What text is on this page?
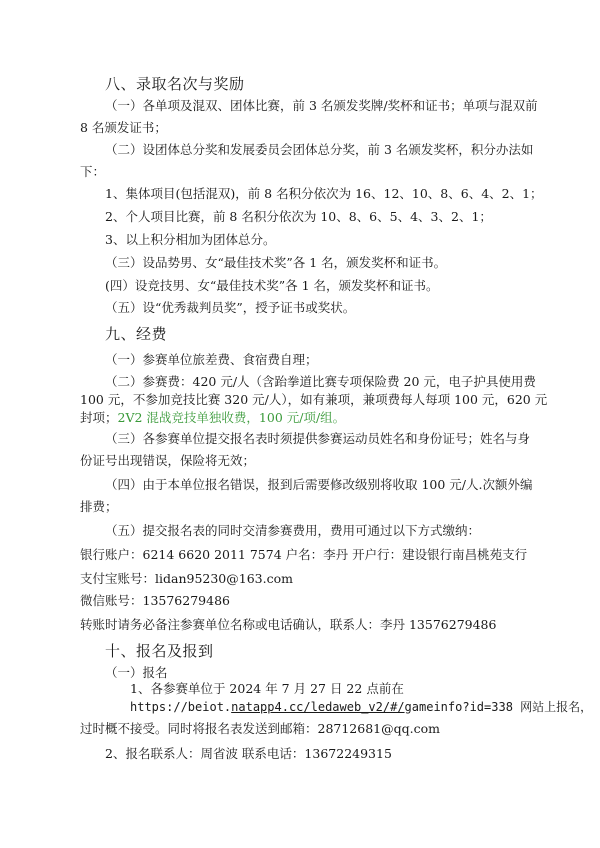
八、录取名次与奖励
（一）各单项及混双、团体比赛，前 3 名颁发奖牌/奖杯和证书；单项与混双前
8 名颁发证书；
（二）设团体总分奖和发展委员会团体总分奖，前 3 名颁发奖杯，积分办法如
下：
1、集体项目(包括混双)，前 8 名积分依次为 16、12、10、8、6、4、2、1；
2、个人项目比赛，前 8 名积分依次为 10、8、6、5、4、3、2、1；
3、以上积分相加为团体总分。
（三）设品势男、女“最佳技术奖”各 1 名，颁发奖杯和证书。
(四）设竞技男、女“最佳技术奖”各 1 名，颁发奖杯和证书。
（五）设“优秀裁判员奖”，授予证书或奖状。
九、经费
（一）参赛单位旅差费、食宿费自理；
（二）参赛费：420 元/人（含跆拳道比赛专项保险费 20 元，电子护具使用费
100 元，不参加竞技比赛 320 元/人），如有兼项，兼项费每人每项 100 元，620 元
封项；2V2 混战竞技单独收费，100 元/项/组。
（三）各参赛单位提交报名表时须提供参赛运动员姓名和身份证号；姓名与身
份证号出现错误，保险将无效；
（四）由于本单位报名错误，报到后需要修改级别将收取 100 元/人.次额外编
排费；
（五）提交报名表的同时交清参赛费用，费用可通过以下方式缴纳：
银行账户：6214 6620 2011 7574 户名：李丹 开户行：建设银行南昌桃苑支行
支付宝账号：lidan95230@163.com
微信账号：13576279486
转账时请务必备注参赛单位名称或电话确认，联系人：李丹 13576279486
十、报名及报到
（一）报名
1、各参赛单位于 2024 年 7 月 27 日 22 点前在
https://beiot.natapp4.cc/ledaweb_v2/#/gameinfo?id=338 网站上报名，
过时概不接受。同时将报名表发送到邮箱：28712681@qq.com
2、报名联系人：周省波 联系电话：13672249315
